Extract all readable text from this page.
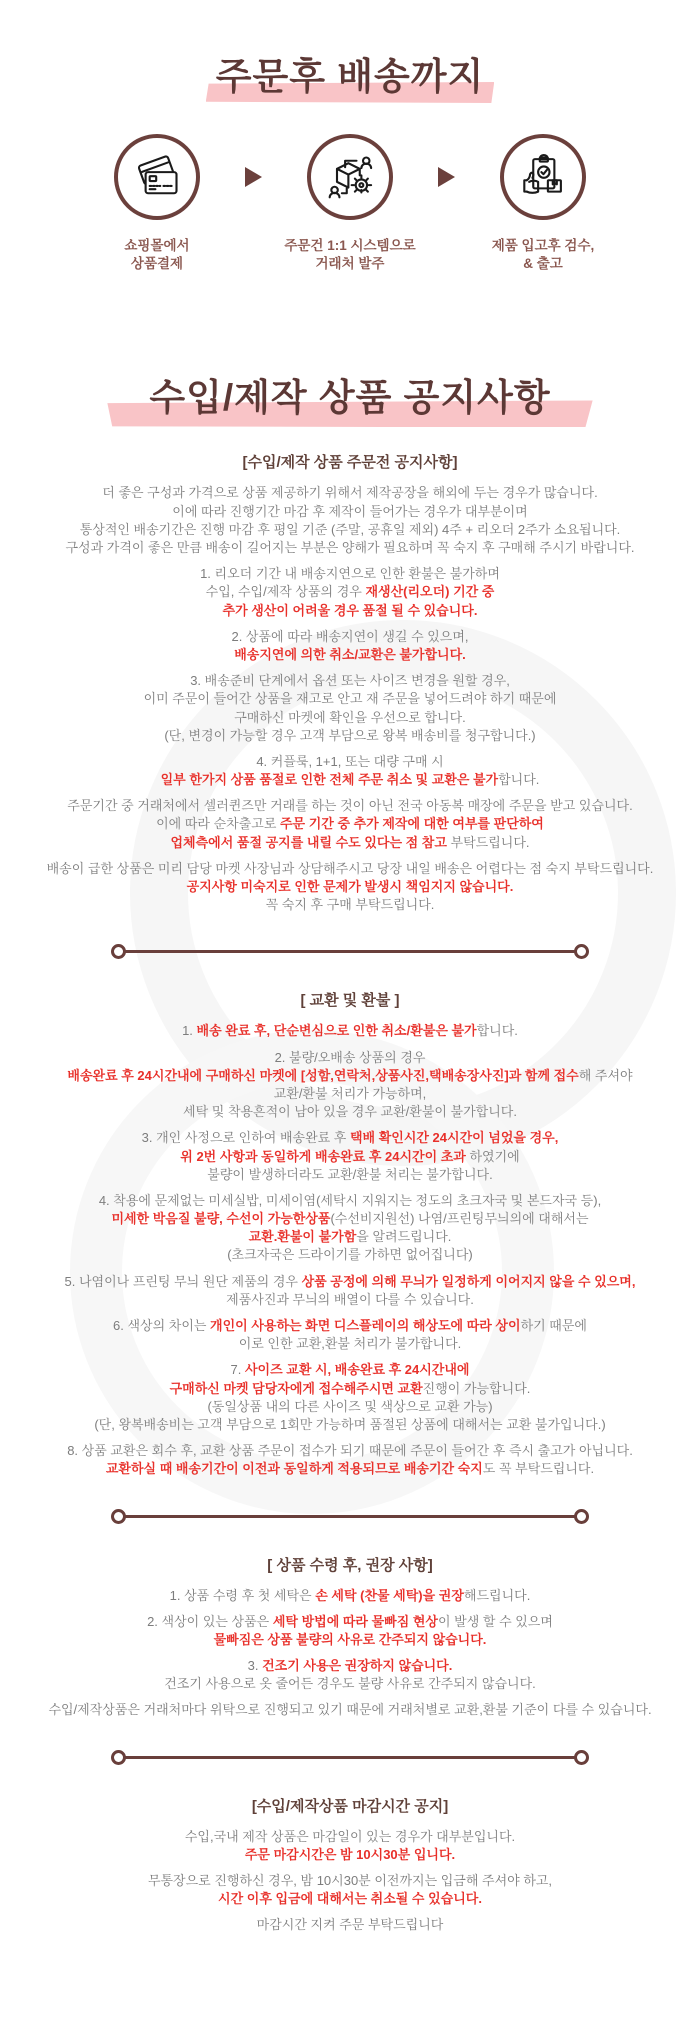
주문후 배송까지
쇼핑몰에서
상품결제
주문건 1:1 시스템으로
거래처 발주
제품 입고후 검수,
& 출고
수입/제작 상품 공지사항
[수입/제작 상품 주문전 공지사항]

더 좋은 구성과 가격으로 상품 제공하기 위해서 제작공장을 해외에 두는 경우가 많습니다.
이에 따라 진행기간 마감 후 제작이 들어가는 경우가 대부분이며
통상적인 배송기간은 진행 마감 후 평일 기준 (주말, 공휴일 제외) 4주 + 리오더 2주가 소요됩니다.
구성과 가격이 좋은 만큼 배송이 길어지는 부분은 양해가 필요하며 꼭 숙지 후 구매해 주시기 바랍니다.

1. 리오더 기간 내 배송지연으로 인한 환불은 불가하며
수입, 수입/제작 상품의 경우 재생산(리오더) 기간 중
추가 생산이 어려울 경우 품절 될 수 있습니다.

2. 상품에 따라 배송지연이 생길 수 있으며,
배송지연에 의한 취소/교환은 불가합니다.

3. 배송준비 단계에서 옵션 또는 사이즈 변경을 원할 경우,
이미 주문이 들어간 상품을 재고로 안고 재 주문을 넣어드려야 하기 때문에
구매하신 마켓에 확인을 우선으로 합니다.
(단, 변경이 가능할 경우 고객 부담으로 왕복 배송비를 청구합니다.)

4. 커플룩, 1+1, 또는 대량 구매 시
일부 한가지 상품 품절로 인한 전체 주문 취소 및 교환은 불가합니다.

주문기간 중 거래처에서 셀러퀸즈만 거래를 하는 것이 아닌 전국 아동복 매장에 주문을 받고 있습니다.
이에 따라 순차출고로 주문 기간 중 추가 제작에 대한 여부를 판단하여
업체측에서 품절 공지를 내릴 수도 있다는 점 참고 부탁드립니다.

배송이 급한 상품은 미리 담당 마켓 사장님과 상담해주시고 당장 내일 배송은 어렵다는 점 숙지 부탁드립니다.
공지사항 미숙지로 인한 문제가 발생시 책임지지 않습니다.
꼭 숙지 후 구매 부탁드립니다.

[ 교환 및 환불 ]

1. 배송 완료 후, 단순변심으로 인한 취소/환불은 불가합니다.

2. 불량/오배송 상품의 경우
배송완료 후 24시간내에 구매하신 마켓에 [성함,연락처,상품사진,택배송장사진]과 함께 접수해 주셔야
교환/환불 처리가 가능하며,
세탁 및 착용흔적이 남아 있을 경우 교환/환불이 불가합니다.

3. 개인 사정으로 인하여 배송완료 후 택배 확인시간 24시간이 넘었을 경우,
위 2번 사항과 동일하게 배송완료 후 24시간이 초과 하였기에
불량이 발생하더라도 교환/환불 처리는 불가합니다.

4. 착용에 문제없는 미세실밥, 미세이염(세탁시 지워지는 정도의 초크자국 및 본드자국 등),
미세한 박음질 불량, 수선이 가능한상품(수선비지원선) 나염/프린팅무늬의에 대해서는
교환.환불이 불가함을 알려드립니다.
(초크자국은 드라이기를 가하면 없어집니다)

5. 나염이나 프린팅 무늬 원단 제품의 경우 상품 공정에 의해 무늬가 일정하게 이어지지 않을 수 있으며,
제품사진과 무늬의 배열이 다를 수 있습니다.

6. 색상의 차이는 개인이 사용하는 화면 디스플레이의 해상도에 따라 상이하기 때문에
이로 인한 교환,환불 처리가 불가합니다.

7. 사이즈 교환 시, 배송완료 후 24시간내에
구매하신 마켓 담당자에게 접수해주시면 교환진행이 가능합니다.
(동일상품 내의 다른 사이즈 및 색상으로 교환 가능)
(단, 왕복배송비는 고객 부담으로 1회만 가능하며 품절된 상품에 대해서는 교환 불가입니다.)

8. 상품 교환은 회수 후, 교환 상품 주문이 접수가 되기 때문에 주문이 들어간 후 즉시 출고가 아닙니다.
교환하실 때 배송기간이 이전과 동일하게 적용되므로 배송기간 숙지도 꼭 부탁드립니다.

[ 상품 수령 후, 권장 사항]

1. 상품 수령 후 첫 세탁은 손 세탁 (찬물 세탁)을 권장해드립니다.

2. 색상이 있는 상품은 세탁 방법에 따라 물빠짐 현상이 발생 할 수 있으며
물빠짐은 상품 불량의 사유로 간주되지 않습니다.

3. 건조기 사용은 권장하지 않습니다.
건조기 사용으로 옷 줄어든 경우도 불량 사유로 간주되지 않습니다.

수입/제작상품은 거래처마다 위탁으로 진행되고 있기 때문에 거래처별로 교환,환불 기준이 다를 수 있습니다.

[수입/제작상품 마감시간 공지]

수입,국내 제작 상품은 마감일이 있는 경우가 대부분입니다.
주문 마감시간은 밤 10시30분 입니다.

무통장으로 진행하신 경우, 밤 10시30분 이전까지는 입금해 주셔야 하고,
시간 이후 입금에 대해서는 취소될 수 있습니다.

마감시간 지켜 주문 부탁드립니다
